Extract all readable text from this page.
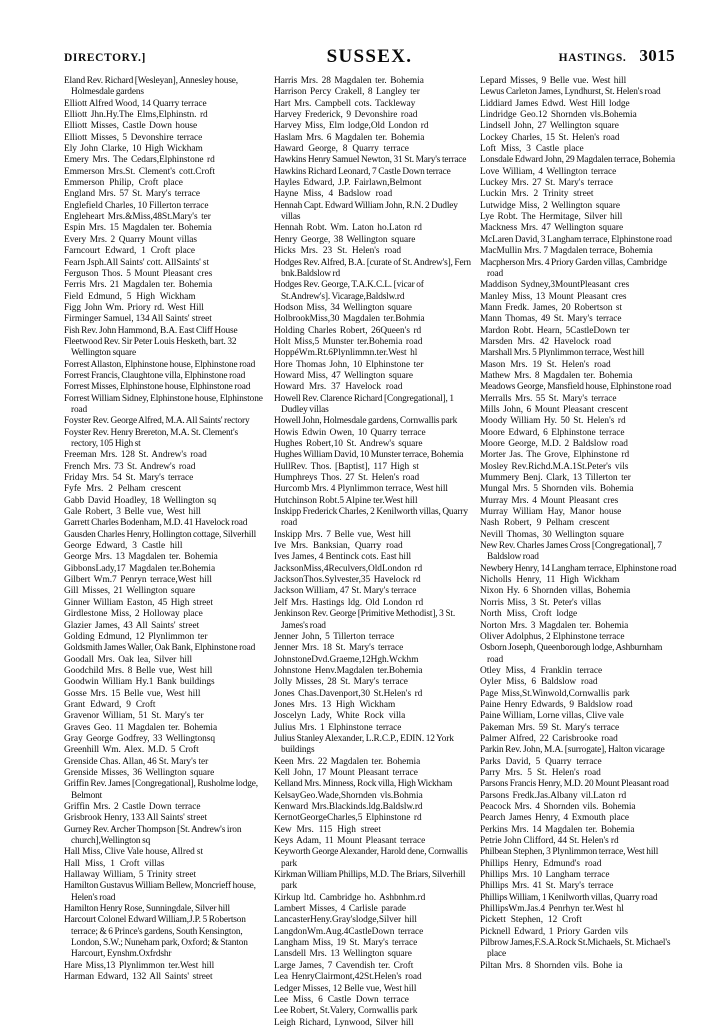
DIRECTORY.]	SUSSEX.	HASTINGS. 3015

Eland Rev. Richard [Wesleyan], Annesley house, Holmesdale gardens

Elliott Alfred Wood, 14 Quarry terrace

Elliott Jhn.Hy.The Elms,Elphinstn. rd

Elliott Misses, Castle Down house

Elliott Misses, 5 Devonshire terrace

Ely John Clarke, 10 High Wickham

Emery Mrs. The Cedars,Elphinstone rd

Emmerson Mrs.St. Clement's cott.Croft

Emmerson Philip, Croft place

England Mrs. 57 St. Mary's terrace

Englefield Charles, 10 Fillerton terrace

Engleheart Mrs.&Miss,48St.Mary's ter

Espin Mrs. 15 Magdalen ter. Bohemia

Every Mrs. 2 Quarry Mount villas

Farncourt Edward, 1 Croft place

Fearn Jsph.All Saints' cott. AllSaints' st

Ferguson Thos. 5 Mount Pleasant cres

Ferris Mrs. 21 Magdalen ter. Bohemia

Field Edmund, 5 High Wickham

Figg John Wm. Priory rd. West Hill

Firminger Samuel, 134 All Saints' street

Fish Rev. John Hammond, B.A. East Cliff House

Fleetwood Rev. Sir Peter Louis Hesketh, bart. 32 Wellington square

Forrest Allaston, Elphinstone house, Elphinstone road

Forrest Francis, Claughtone villa, Elphinstone road

Forrest Misses, Elphinstone house, Elphinstone road

Forrest William Sidney, Elphinstone house, Elphinstone road

Foyster Rev. George Alfred, M.A. All Saints' rectory

Foyster Rev. Henry Brereton, M.A. St. Clement's rectory, 105 High st

Freeman Mrs. 128 St. Andrew's road

French Mrs. 73 St. Andrew's road

Friday Mrs. 54 St. Mary's terrace

Fyfe Mrs. 2 Pelham crescent

Gabb David Hoadley, 18 Wellington sq

Gale Robert, 3 Belle vue, West hill

Garrett Charles Bodenham, M.D. 41 Havelock road

Gausden Charles Henry, Hollington cottage, Silverhill

George Edward, 3 Castle hill

George Mrs. 13 Magdalen ter. Bohemia

GibbonsLady,17 Magdalen ter.Bohemia

Gilbert Wm.7 Penryn terrace,West hill

Gill Misses, 21 Wellington square

Ginner William Easton, 45 High street

Girdlestone Miss, 2 Holloway place

Glazier James, 43 All Saints' street

Golding Edmund, 12 Plynlimmon ter

Goldsmith James Waller, Oak Bank, Elphinstone road

Goodall Mrs. Oak lea, Silver hill

Goodchild Mrs. 8 Belle vue, West hill

Goodwin William Hy.1 Bank buildings

Gosse Mrs. 15 Belle vue, West hill

Grant Edward, 9 Croft

Gravenor William, 51 St. Mary's ter

Graves Geo. 11 Magdalen ter. Bohemia

Gray George Godfrey, 33 Wellingtonsq

Greenhill Wm. Alex. M.D. 5 Croft

Grenside Chas. Allan, 46 St. Mary's ter

Grenside Misses, 36 Wellington square

Griffin Rev. James [Congregational], Rusholme lodge, Belmont

Griffin Mrs. 2 Castle Down terrace

Grisbrook Henry, 133 All Saints' street

Gurney Rev. Archer Thompson [St. Andrew's iron church],Wellington sq

Hall Miss, Clive Vale house, Allred st

Hall Miss, 1 Croft villas

Hallaway William, 5 Trinity street

Hamilton Gustavus William Bellew, Moncrieff house, Helen's road

Hamilton Henry Rose, Sunningdale, Silver hill

Harcourt Colonel Edward William,J.P. 5 Robertson terrace; & 6 Prince's gardens, South Kensington, London, S.W.; Nuneham park, Oxford; & Stanton Harcourt, Eynshm.Oxfrdshr

Hare Miss,13 Plynlimmon ter.West hill

Harman Edward, 132 All Saints' street

Harris Mrs. 28 Magdalen ter. Bohemia

Harrison Percy Crakell, 8 Langley ter

Hart Mrs. Campbell cots. Tackleway

Harvey Frederick, 9 Devonshire road

Harvey Miss, Elm lodge,Old London rd

Haslam Mrs. 6 Magdalen ter. Bohemia

Haward George, 8 Quarry terrace

Hawkins Henry Samuel Newton, 31 St. Mary's terrace

Hawkins Richard Leonard, 7 Castle Down terrace

Hayles Edward, J.P. Fairlawn,Belmont

Hayne Miss, 4 Badslow road

Hennah Capt. Edward William John, R.N. 2 Dudley villas

Hennah Robt. Wm. Laton ho.Laton rd

Henry George, 38 Wellington square

Hicks Mrs. 23 St. Helen's road

Hodges Rev. Alfred, B.A. [curate of St. Andrew's], Fern bnk.Baldslow rd

Hodges Rev. George, T.A.K.C.L. [vicar of St.Andrew's]. Vicarage,Baldslw.rd

Hodson Miss, 34 Wellington square

HolbrookMiss,30 Magdalen ter.Bohmia

Holding Charles Robert, 26Queen's rd

Holt Miss,5 Munster ter.Bohemia road

HoppéWm.Rt.6Plynlimmn.ter.West hl

Hore Thomas John, 10 Elphinstone ter

Howard Miss, 47 Wellington square

Howard Mrs. 37 Havelock road

Howell Rev. Clarence Richard [Congregational], 1 Dudley villas

Howell John, Holmesdale gardens, Cornwallis park

Howis Edwin Owen, 10 Quarry terrace

Hughes Robert,10 St. Andrew's square

Hughes William David, 10 Munster terrace, Bohemia

HullRev. Thos. [Baptist], 117 High st

Humphreys Thos. 27 St. Helen's road

Hurcomb Mrs. 4 Plynlimmon terrace, West hill

Hutchinson Robt.5 Alpine ter.West hill

Inskipp Frederick Charles, 2 Kenilworth villas, Quarry road

Inskipp Mrs. 7 Belle vue, West hill

Ive Mrs. Banksian, Quarry road

Ives James, 4 Bentinck cots. East hill

JacksonMiss,4Reculvers,OldLondon rd

JacksonThos.Sylvester,35 Havelock rd

Jackson William, 47 St. Mary's terrace

Jelf Mrs. Hastings ldg. Old London rd

Jenkinson Rev. George [Primitive Methodist], 3 St. James's road

Jenner John, 5 Tillerton terrace

Jenner Mrs. 18 St. Mary's terrace

JohnstoneDvd.Graeme,12Hgh.Wckhm

Johnstone Henv.Magdalen ter.Bohemia

Jolly Misses, 28 St. Mary's terrace

Jones Chas.Davenport,30 St.Helen's rd

Jones Mrs. 13 High Wickham

Joscelyn Lady, White Rock villa

Julius Mrs. 1 Elphinstone terrace

Julius Stanley Alexander, L.R.C.P., EDIN. 12 York buildings

Keen Mrs. 22 Magdalen ter. Bohemia

Kell John, 17 Mount Pleasant terrace

Kelland Mrs. Minness, Rock villa, High Wickham

KelsayGeo.Wade,Shornden vls.Bohmia

Kenward Mrs.Blackinds.ldg.Baldslw.rd

KernotGeorgeCharles,5 Elphinstone rd

Kew Mrs. 115 High street

Keys Adam, 11 Mount Pleasant terrace

Keyworth George Alexander, Harold dene, Cornwallis park

Kirkman William Phillips, M.D. The Briars, Silverhill park

Kirkup ltd. Cambridge ho. Ashbnhm.rd

Lambert Misses, 4 Carlisle parade

LancasterHeny.Gray'slodge,Silver hill

LangdonWm.Aug.4CastleDown terrace

Langham Miss, 19 St. Mary's terrace

Lansdell Mrs. 13 Wellington square

Large James, 7 Cavendish ter. Croft

Lea HenryClairmont,42St.Helen's road

Ledger Misses, 12 Belle vue, West hill

Lee Miss, 6 Castle Down terrace

Lee Robert, St.Valery, Cornwallis park

Leigh Richard, Lynwood, Silver hill

Lepard Misses, 9 Belle vue. West hill

Lewus Carleton James, Lyndhurst, St. Helen's road

Liddiard James Edwd. West Hill lodge

Lindridge Geo.12 Shornden vls.Bohemia

Lindsell John, 27 Wellington square

Lockey Charles, 15 St. Helen's road

Loft Miss, 3 Castle place

Lonsdale Edward John, 29 Magdalen terrace, Bohemia

Love William, 4 Wellington terrace

Luckey Mrs. 27 St. Mary's terrace

Luckin Mrs. 2 Trinity street

Lutwidge Miss, 2 Wellington square

Lye Robt. The Hermitage, Silver hill

Mackness Mrs. 47 Wellington square

McLaren David, 3 Langham terrace, Elphinstone road

MacMullin Mrs. 7 Magdalen terrace, Bohemia

Macpherson Mrs. 4 Priory Garden villas, Cambridge road

Maddison Sydney,3MountPleasant cres

Manley Miss, 13 Mount Pleasant cres

Mann Fredk. James, 20 Robertson st

Mann Thomas, 49 St. Mary's terrace

Mardon Robt. Hearn, 5CastleDown ter

Marsden Mrs. 42 Havelock road

Marshall Mrs. 5 Plynlimmon terrace, West hill

Mason Mrs. 19 St. Helen's road

Mathew Mrs. 8 Magdalen ter. Bohemia

Meadows George, Mansfield house, Elphinstone road

Merralls Mrs. 55 St. Mary's terrace

Mills John, 6 Mount Pleasant crescent

Moody William Hy. 50 St. Helen's rd

Moore Edward, 6 Elphinstone terrace

Moore George, M.D. 2 Baldslow road

Morter Jas. The Grove, Elphinstone rd

Mosley Rev.Richd.M.A.1St.Peter's vils

Mummery Benj. Clark, 13 Tillerton ter

Mungal Mrs. 5 Shornden vils. Bohemia

Murray Mrs. 4 Mount Pleasant cres

Murray William Hay, Manor house

Nash Robert, 9 Pelham crescent

Nevill Thomas, 30 Wellington square

New Rev. Charles James Cross [Congregational], 7 Baldslow road

Newbery Henry, 14 Langham terrace, Elphinstone road

Nicholls Henry, 11 High Wickham

Nixon Hy. 6 Shornden villas, Bohemia

Norris Miss, 3 St. Peter's villas

North Miss, Croft lodge

Norton Mrs. 3 Magdalen ter. Bohemia

Oliver Adolphus, 2 Elphinstone terrace

Osborn Joseph, Queenborough lodge, Ashburnham road

Otley Miss, 4 Franklin terrace

Oyler Miss, 6 Baldslow road

Page Miss,St.Winwold,Cornwallis park

Paine Henry Edwards, 9 Baldslow road

Paine William, Lorne villas, Clive vale

Pakeman Mrs. 59 St. Mary's terrace

Palmer Alfred, 22 Carisbrooke road

Parkin Rev. John, M.A. [surrogate], Halton vicarage

Parks David, 5 Quarry terrace

Parry Mrs. 5 St. Helen's road

Parsons Francis Henry, M.D. 20 Mount Pleasant road

Parsons Fredk.Jas.Albany vil.Laton rd

Peacock Mrs. 4 Shornden vils. Bohemia

Pearch James Henry, 4 Exmouth place

Perkins Mrs. 14 Magdalen ter. Bohemia

Petrie John Clifford, 44 St. Helen's rd

Philbean Stephen, 3 Plynlimmon terrace, West hill

Phillips Henry, Edmund's road

Phillips Mrs. 10 Langham terrace

Phillips Mrs. 41 St. Mary's terrace

Phillips William, 1 Kenilworth villas, Quarry road

PhillipsWm.Jas.4 Penrhyn ter.West hl

Pickett Stephen, 12 Croft

Picknell Edward, 1 Priory Garden vils

Pilbrow James,F.S.A.Rock St.Michaels, St. Michael's place

Piltan Mrs. 8 Shornden vils. Bohe ia
